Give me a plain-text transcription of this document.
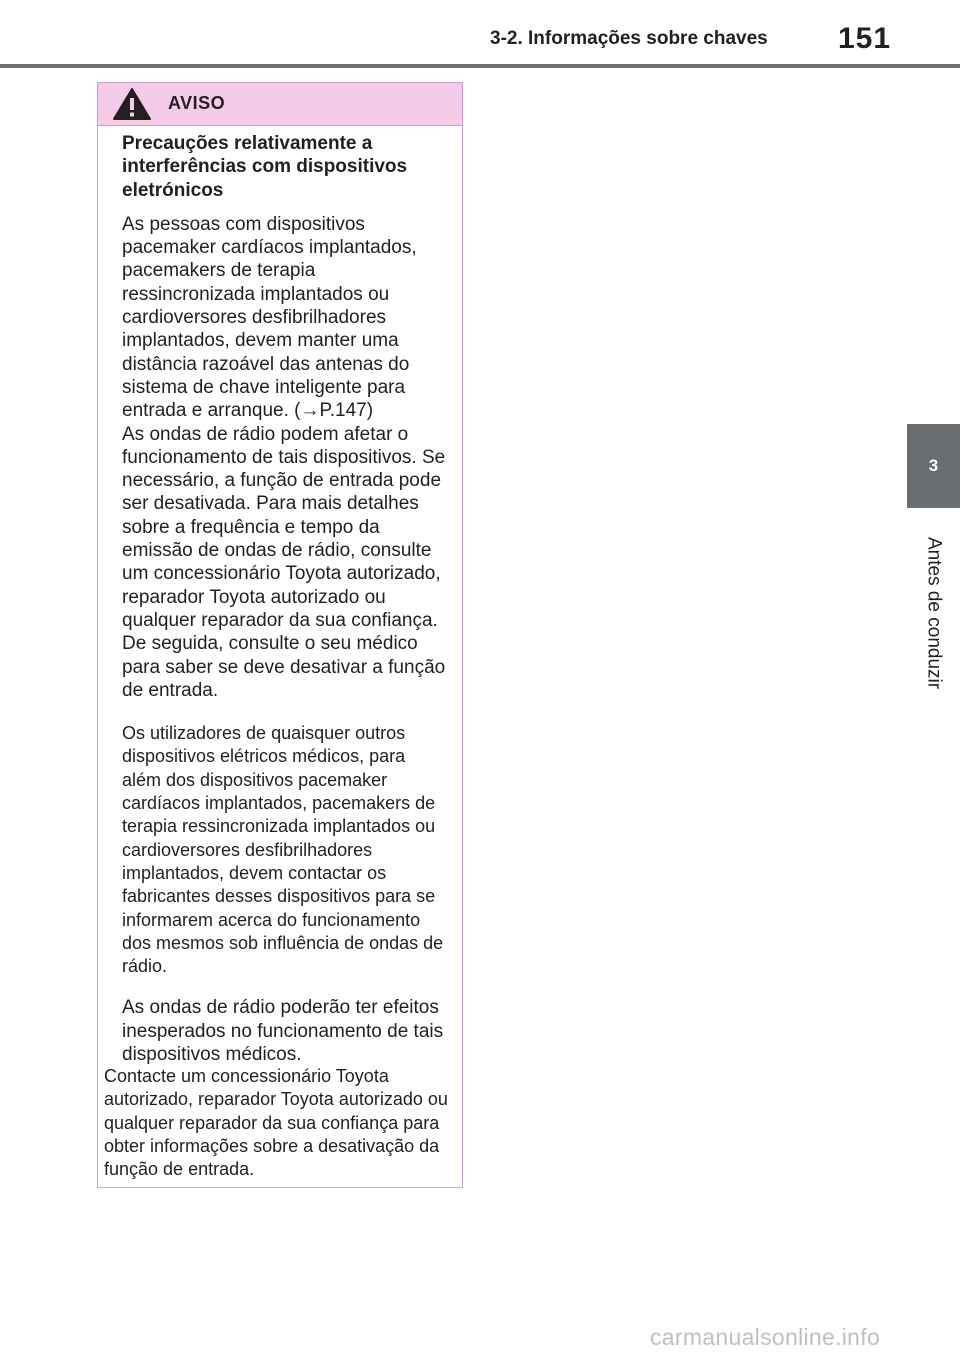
3-2. Informações sobre chaves 151
3
Antes de conduzir
AVISO

Precauções relativamente a interferências com dispositivos eletrónicos

As pessoas com dispositivos pacemaker cardíacos implantados, pacemakers de terapia ressincronizada implantados ou cardioversores desfibrilhadores implantados, devem manter uma distância razoável das antenas do sistema de chave inteligente para entrada e arranque. (→P.147)

As ondas de rádio podem afetar o funcionamento de tais dispositivos. Se necessário, a função de entrada pode ser desativada. Para mais detalhes sobre a frequência e tempo da emissão de ondas de rádio, consulte um concessionário Toyota autorizado, reparador Toyota autorizado ou qualquer reparador da sua confiança. De seguida, consulte o seu médico para saber se deve desativar a função de entrada.

Os utilizadores de quaisquer outros dispositivos elétricos médicos, para além dos dispositivos pacemaker cardíacos implantados, pacemakers de terapia ressincronizada implantados ou cardioversores desfibrilhadores implantados, devem contactar os fabricantes desses dispositivos para se informarem acerca do funcionamento dos mesmos sob influência de ondas de rádio.

As ondas de rádio poderão ter efeitos inesperados no funcionamento de tais dispositivos médicos.

Contacte um concessionário Toyota autorizado, reparador Toyota autorizado ou qualquer reparador da sua confiança para obter informações sobre a desativação da função de entrada.

carmanualsonline.info
